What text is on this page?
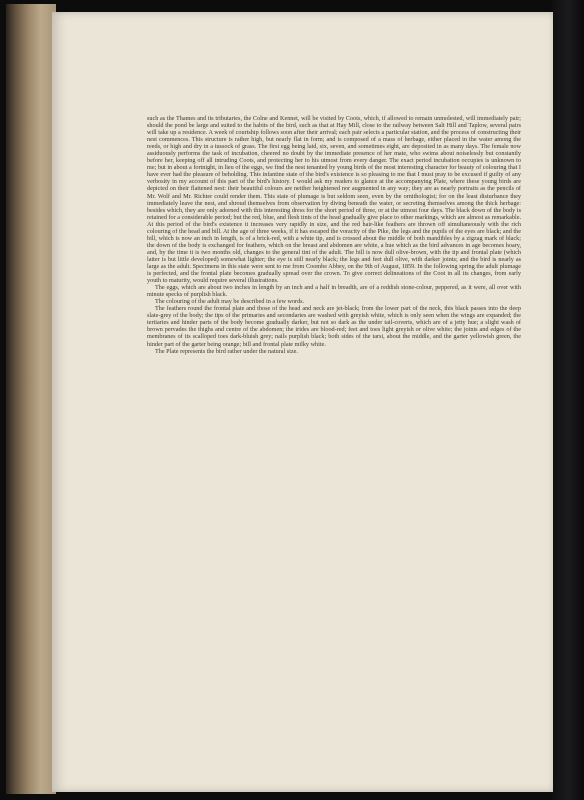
such as the Thames and its tributaries, the Colne and Kennet, will be visited by Coots, which, if allowed to remain unmolested, will immediately pair; should the pond be large and suited to the habits of the bird, such as that at Hay Mill, close to the railway between Salt Hill and Taplow, several pairs will take up a residence. A week of courtship follows soon after their arrival; each pair selects a particular station, and the process of constructing their nest commences. This structure is rather high, but nearly flat in form; and is composed of a mass of herbage, either placed in the water among the reeds, or high and dry in a tussock of grass. The first egg being laid, six, seven, and sometimes eight, are deposited in as many days. The female now assiduously performs the task of incubation, cheered no doubt by the immediate presence of her mate, who swims about noiselessly but constantly before her, keeping off all intruding Coots, and protecting her to his utmost from every danger. The exact period incubation occupies is unknown to me; but in about a fortnight, in lieu of the eggs, we find the nest tenanted by young birds of the most interesting character for beauty of colouring that I have ever had the pleasure of beholding. This infantine state of the bird's existence is so pleasing to me that I must pray to be excused if guilty of any verbosity in my account of this part of the bird's history. I would ask my readers to glance at the accompanying Plate, where these young birds are depicted on their flattened nest: their beautiful colours are neither heightened nor augmented in any way; they are as nearly portraits as the pencils of Mr. Wolf and Mr. Richter could render them. This state of plumage is but seldom seen, even by the ornithologist; for on the least disturbance they immediately leave the nest, and shroud themselves from observation by diving beneath the water, or secreting themselves among the thick herbage: besides which, they are only adorned with this interesting dress for the short period of three, or at the utmost four days. The black down of the body is retained for a considerable period; but the red, blue, and flesh tints of the head gradually give place to other markings, which are almost as remarkable. At this period of the bird's existence it increases very rapidly in size, and the red hair-like feathers are thrown off simultaneously with the rich colouring of the head and bill. At the age of three weeks, if it has escaped the voracity of the Pike, the legs and the pupils of the eyes are black; and the bill, which is now an inch in length, is of a brick-red, with a white tip, and is crossed about the middle of both mandibles by a zigzag mark of black; the down of the body is exchanged for feathers, which on the breast and abdomen are white, a hue which as the bird advances in age becomes hoary, and, by the time it is two months old, changes to the general tint of the adult. The bill is now dull olive-brown, with the tip and frontal plate (which latter is but little developed) somewhat lighter; the eye is still nearly black; the legs and feet dull olive, with darker joints; and the bird is nearly as large as the adult. Specimens in this state were sent to me from Coombe Abbey, on the 9th of August, 1859. In the following spring the adult plumage is perfected, and the frontal plate becomes gradually spread over the crown. To give correct delineations of the Coot in all its changes, from early youth to maturity, would require several illustrations.

The eggs, which are about two inches in length by an inch and a half in breadth, are of a reddish stone-colour, peppered, as it were, all over with minute specks of purplish black.

The colouring of the adult may be described in a few words.

The feathers round the frontal plate and those of the head and neck are jet-black; from the lower part of the neck, this black passes into the deep slate-grey of the body; the tips of the primaries and secondaries are washed with greyish white, which is only seen when the wings are expanded; the tertiaries and hinder parts of the body become gradually darker, but not so dark as the under tail-coverts, which are of a jetty hue; a slight wash of brown pervades the thighs and centre of the abdomen; the irides are blood-red; feet and toes light greyish or olive white; the joints and edges of the membranes of its scalloped toes dark-bluish grey; nails purplish black; both sides of the tarsi, about the middle, and the garter yellowish green, the hinder part of the garter being orange; bill and frontal plate milky white.

The Plate represents the bird rather under the natural size.
